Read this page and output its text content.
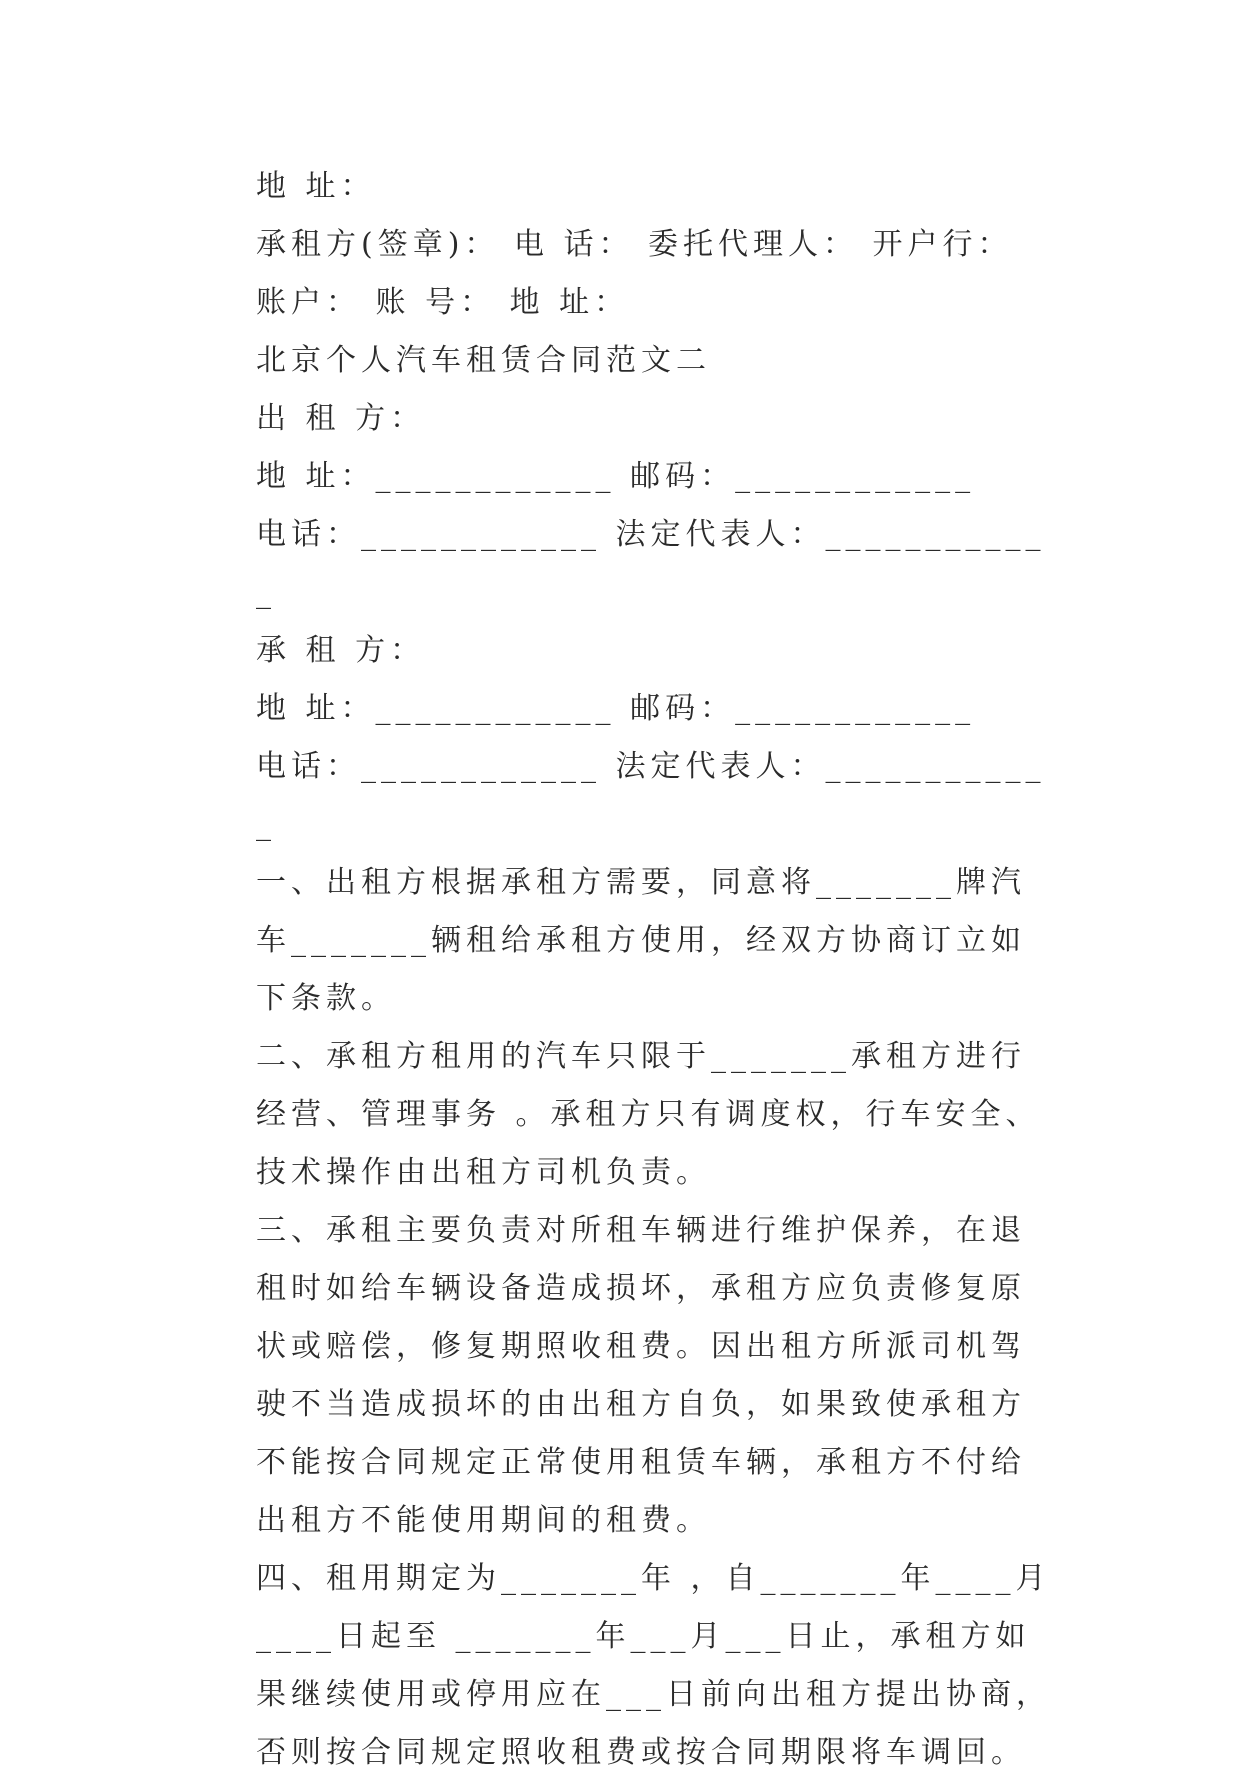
地 址：

承租方(签章)： 电 话： 委托代理人： 开户行： 账户： 账 号： 地 址：

北京个人汽车租赁合同范文二

出 租 方：

地 址：____________ 邮码：____________

电话：____________ 法定代表人：____________

承 租 方：

地 址：____________ 邮码：____________

电话：____________ 法定代表人：____________

一、出租方根据承租方需要，同意将_______牌汽车_______辆租给承租方使用，经双方协商订立如下条款。

二、承租方租用的汽车只限于_______承租方进行经营、管理事务 。承租方只有调度权，行车安全、技术操作由出租方司机负责。

三、承租主要负责对所租车辆进行维护保养，在退租时如给车辆设备造成损坏，承租方应负责修复原状或赔偿，修复期照收租费。因出租方所派司机驾驶不当造成损坏的由出租方自负，如果致使承租方不能按合同规定正常使用租赁车辆，承租方不付给出租方不能使用期间的租费。

四、租用期定为_______年 ，自_______年____月____日起至 _______年___月___日止，承租方如果继续使用或停用应在___日前向出租方提出协商，否则按合同规定照收租费或按合同期限将车调回。
